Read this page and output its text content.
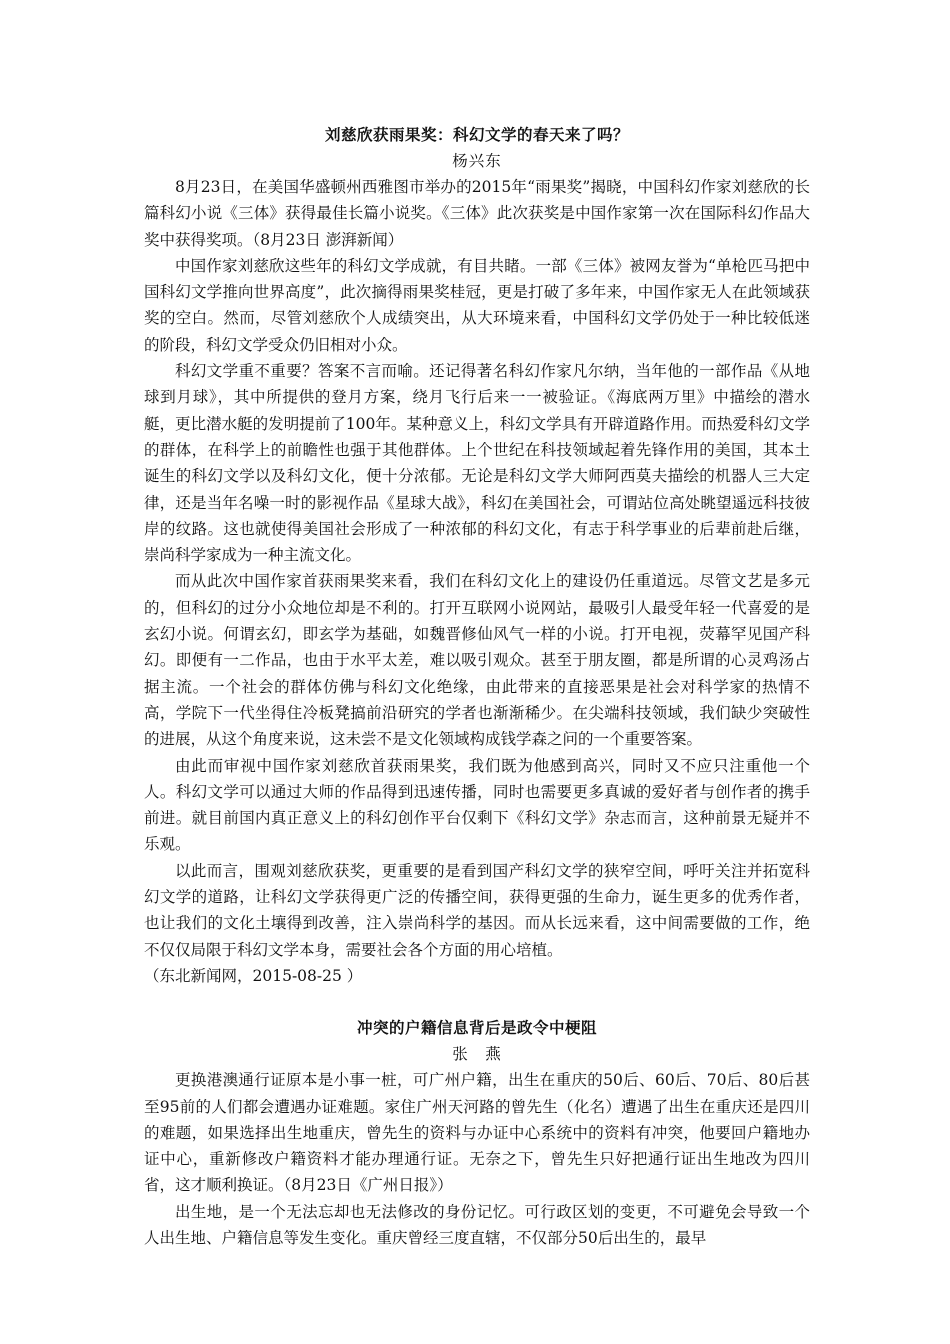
刘慈欣获雨果奖：科幻文学的春天来了吗？
杨兴东

8月23日，在美国华盛顿州西雅图市举办的2015年“雨果奖”揭晓，中国科幻作家刘慈欣的长篇科幻小说《三体》获得最佳长篇小说奖。《三体》此次获奖是中国作家第一次在国际科幻作品大奖中获得奖项。（8月23日 澎湃新闻）

中国作家刘慈欣这些年的科幻文学成就，有目共睹。一部《三体》被网友誉为“单枪匹马把中国科幻文学推向世界高度”，此次摘得雨果奖桂冠，更是打破了多年来，中国作家无人在此领域获奖的空白。然而，尽管刘慈欣个人成绩突出，从大环境来看，中国科幻文学仍处于一种比较低迷的阶段，科幻文学受众仍旧相对小众。

科幻文学重不重要？答案不言而喻。还记得著名科幻作家凡尔纳，当年他的一部作品《从地球到月球》，其中所提供的登月方案，绕月飞行后来一一被验证。《海底两万里》中描绘的潜水艇，更比潜水艇的发明提前了100年。某种意义上，科幻文学具有开辟道路作用。而热爱科幻文学的群体，在科学上的前瞻性也强于其他群体。上个世纪在科技领域起着先锋作用的美国，其本土诞生的科幻文学以及科幻文化，便十分浓郁。无论是科幻文学大师阿西莫夫描绘的机器人三大定律，还是当年名噪一时的影视作品《星球大战》，科幻在美国社会，可谓站位高处眺望遥远科技彼岸的纹路。这也就使得美国社会形成了一种浓郁的科幻文化，有志于科学事业的后辈前赴后继，崇尚科学家成为一种主流文化。

而从此次中国作家首获雨果奖来看，我们在科幻文化上的建设仍任重道远。尽管文艺是多元的，但科幻的过分小众地位却是不利的。打开互联网小说网站，最吸引人最受年轻一代喜爱的是玄幻小说。何谓玄幻，即玄学为基础，如魏晋修仙风气一样的小说。打开电视，荧幕罕见国产科幻。即便有一二作品，也由于水平太差，难以吸引观众。甚至于朋友圈，都是所谓的心灵鸡汤占据主流。一个社会的群体仿佛与科幻文化绝缘，由此带来的直接恶果是社会对科学家的热情不高，学院下一代坐得住冷板凳搞前沿研究的学者也渐渐稀少。在尖端科技领域，我们缺少突破性的进展，从这个角度来说，这未尝不是文化领域构成钱学森之问的一个重要答案。

由此而审视中国作家刘慈欣首获雨果奖，我们既为他感到高兴，同时又不应只注重他一个人。科幻文学可以通过大师的作品得到迅速传播，同时也需要更多真诚的爱好者与创作者的携手前进。就目前国内真正意义上的科幻创作平台仅剩下《科幻文学》杂志而言，这种前景无疑并不乐观。

以此而言，围观刘慈欣获奖，更重要的是看到国产科幻文学的狭窄空间，呼吁关注并拓宽科幻文学的道路，让科幻文学获得更广泛的传播空间，获得更强的生命力，诞生更多的优秀作者，也让我们的文化土壤得到改善，注入崇尚科学的基因。而从长远来看，这中间需要做的工作，绝不仅仅局限于科幻文学本身，需要社会各个方面的用心培植。

（东北新闻网，2015-08-25 ）

冲突的户籍信息背后是政令中梗阻
张　燕

更换港澳通行证原本是小事一桩，可广州户籍，出生在重庆的50后、60后、70后、80后甚至95前的人们都会遭遇办证难题。家住广州天河路的曾先生（化名）遭遇了出生在重庆还是四川的难题，如果选择出生地重庆，曾先生的资料与办证中心系统中的资料有冲突，他要回户籍地办证中心，重新修改户籍资料才能办理通行证。无奈之下，曾先生只好把通行证出生地改为四川省，这才顺利换证。（8月23日《广州日报》）

出生地，是一个无法忘却也无法修改的身份记忆。可行政区划的变更，不可避免会导致一个人出生地、户籍信息等发生变化。重庆曾经三度直辖，不仅部分50后出生的，最早
